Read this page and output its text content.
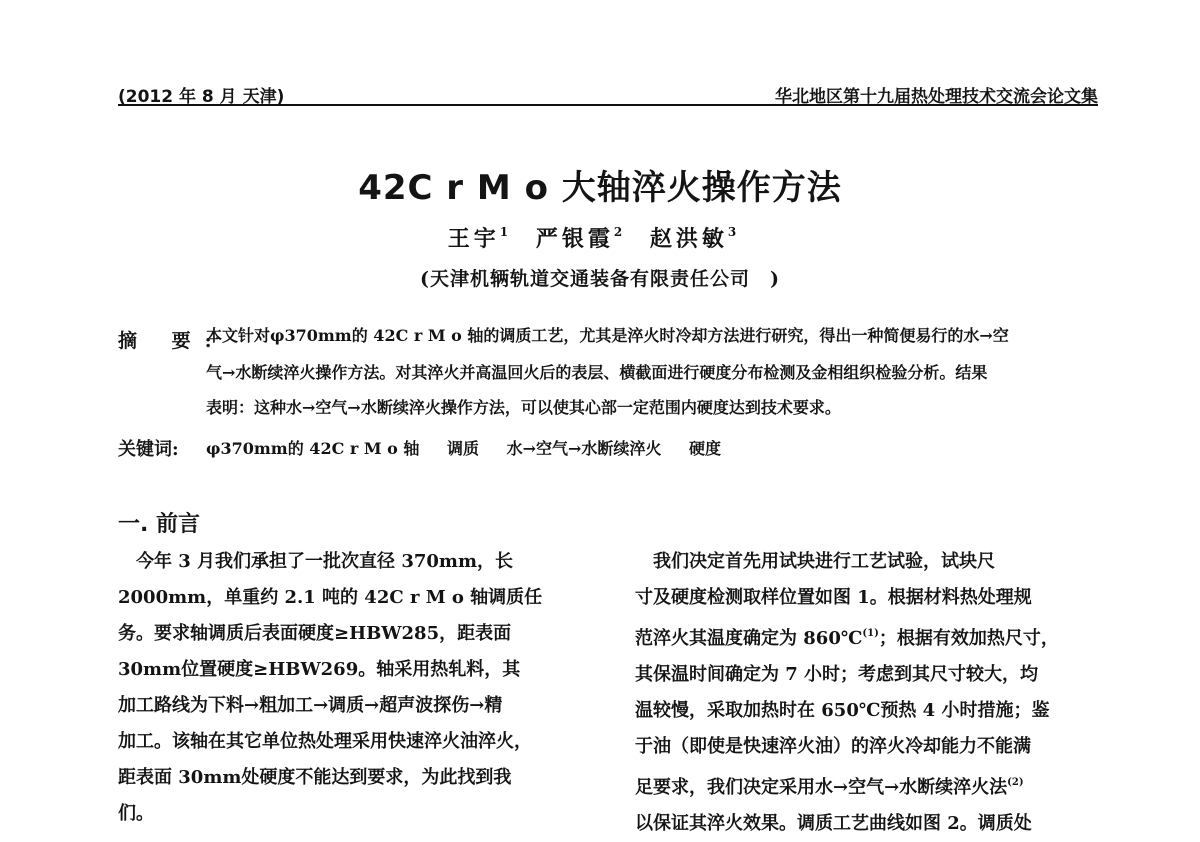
(2012 年 8 月 天津)	华北地区第十九届热处理技术交流会论文集
42C r M o 大轴淬火操作方法
王宇$^1$ 严银霞$^2$ 赵洪敏$^3$
(天津机辆轨道交通装备有限责任公司　)
摘 要:
本文针对φ370mm的 42C r M o 轴的调质工艺，尤其是淬火时冷却方法进行研究，得出一种简便易行的水→空
气→水断续淬火操作方法。对其淬火并高温回火后的表层、横截面进行硬度分布检测及金相组织检验分析。结果
表明：这种水→空气→水断续淬火操作方法，可以使其心部一定范围内硬度达到技术要求。
关键词: φ370mm的 42C r M o 轴 调质 水→空气→水断续淬火 硬度
一. 前言
　今年 3 月我们承担了一批次直径 370mm，长
2000mm，单重约 2.1 吨的 42C r M o 轴调质任
务。要求轴调质后表面硬度≥HBW285，距表面
30mm位置硬度≥HBW269。轴采用热轧料，其
加工路线为下料→粗加工→调质→超声波探伤→精
加工。该轴在其它单位热处理采用快速淬火油淬火，
距表面 30mm处硬度不能达到要求，为此找到我
们。
　我们决定首先用试块进行工艺试验，试块尺
寸及硬度检测取样位置如图 1。根据材料热处理规
范淬火其温度确定为 860℃$^{(1)}$；根据有效加热尺寸，
其保温时间确定为 7 小时；考虑到其尺寸较大，均
温较慢，采取加热时在 650℃预热 4 小时措施；鉴
于油（即使是快速淬火油）的淬火冷却能力不能满
足要求，我们决定采用水→空气→水断续淬火法$^{(2)}$
以保证其淬火效果。调质工艺曲线如图 2。调质处
